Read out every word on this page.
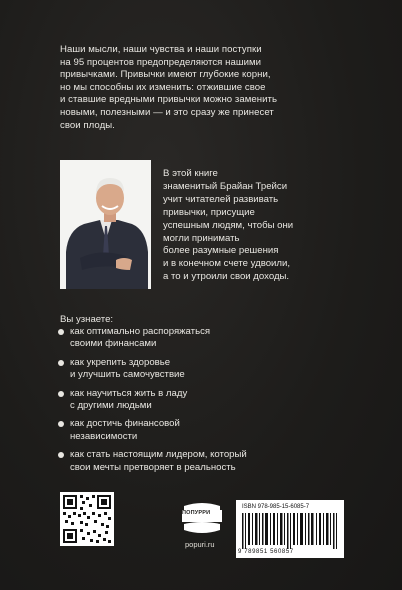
Наши мысли, наши чувства и наши поступки
на 95 процентов предопределяются нашими
привычками. Привычки имеют глубокие корни,
но мы способны их изменить: отжившие свое
и ставшие вредными привычки можно заменить
новыми, полезными — и это сразу же принесет
свои плоды.
В этой книге
знаменитый Брайан Трейси
учит читателей развивать
привычки, присущие
успешным людям, чтобы они
могли принимать
более разумные решения
и в конечном счете удвоили,
а то и утроили свои доходы.
Вы узнаете:
как оптимально распоряжаться
своими финансами
как укрепить здоровье
и улучшить самочувствие
как научиться жить в ладу
с другими людьми
как достичь финансовой
независимости
как стать настоящим лидером, который
свои мечты претворяет в реальность
ПОПУРРИ
popuri.ru
ISBN 978-985-15-6085-7
9 789851 560857
